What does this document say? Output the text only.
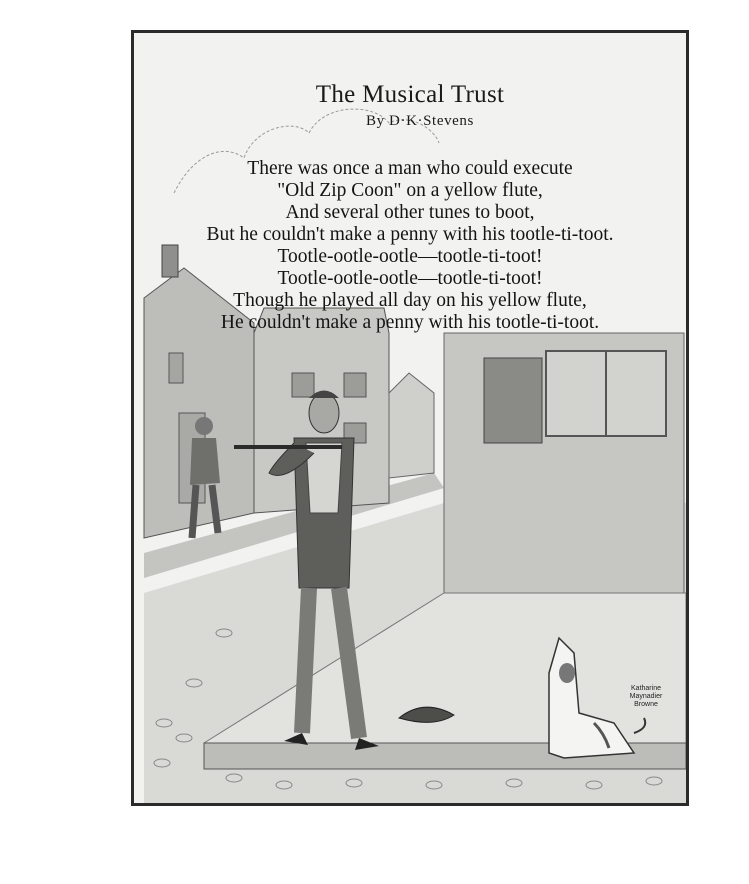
The Musical Trust
By D·K·Stevens
There was once a man who could execute
"Old Zip Coon" on a yellow flute,
And several other tunes to boot,
But he couldn't make a penny with his tootle-ti-toot.
Tootle-ootle-ootle—tootle-ti-toot!
Tootle-ootle-ootle—tootle-ti-toot!
Though he played all day on his yellow flute,
He couldn't make a penny with his tootle-ti-toot.
Katharine
Maynadier
Browne
